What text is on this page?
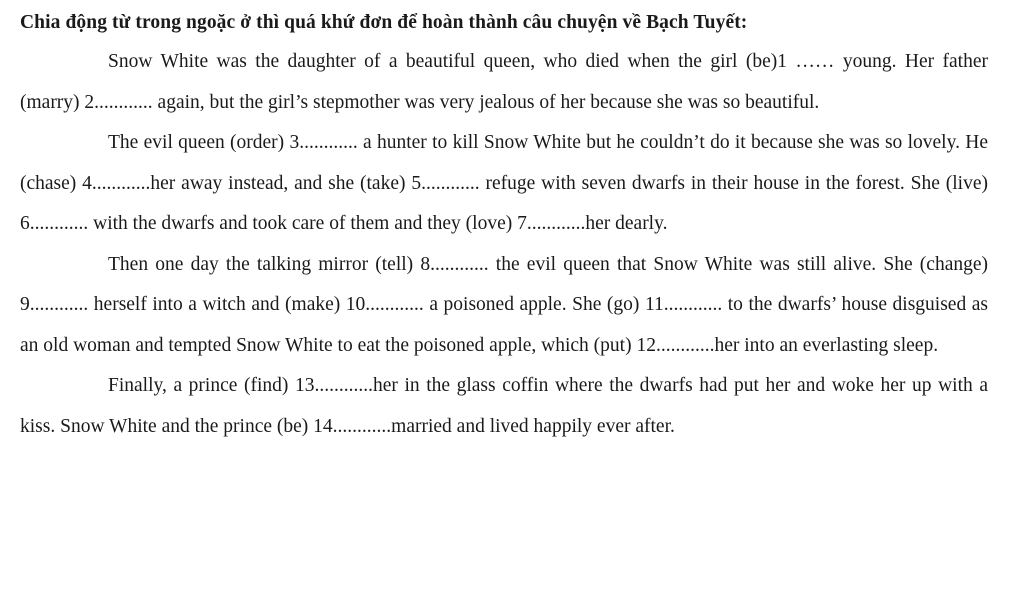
Chia động từ trong ngoặc ở thì quá khứ đơn để hoàn thành câu chuyện về Bạch Tuyết:

Snow White was the daughter of a beautiful queen, who died when the girl (be)1 …… young. Her father (marry) 2............ again, but the girl’s stepmother was very jealous of her because she was so beautiful.

The evil queen (order) 3............ a hunter to kill Snow White but he couldn’t do it because she was so lovely. He (chase) 4............her away instead, and she (take) 5............ refuge with seven dwarfs in their house in the forest. She (live) 6............ with the dwarfs and took care of them and they (love) 7............her dearly.

Then one day the talking mirror (tell) 8............ the evil queen that Snow White was still alive. She (change) 9............ herself into a witch and (make) 10............ a poisoned apple. She (go) 11............ to the dwarfs’ house disguised as an old woman and tempted Snow White to eat the poisoned apple, which (put) 12............her into an everlasting sleep.

Finally, a prince (find) 13............her in the glass coffin where the dwarfs had put her and woke her up with a kiss. Snow White and the prince (be) 14............married and lived happily ever after.
